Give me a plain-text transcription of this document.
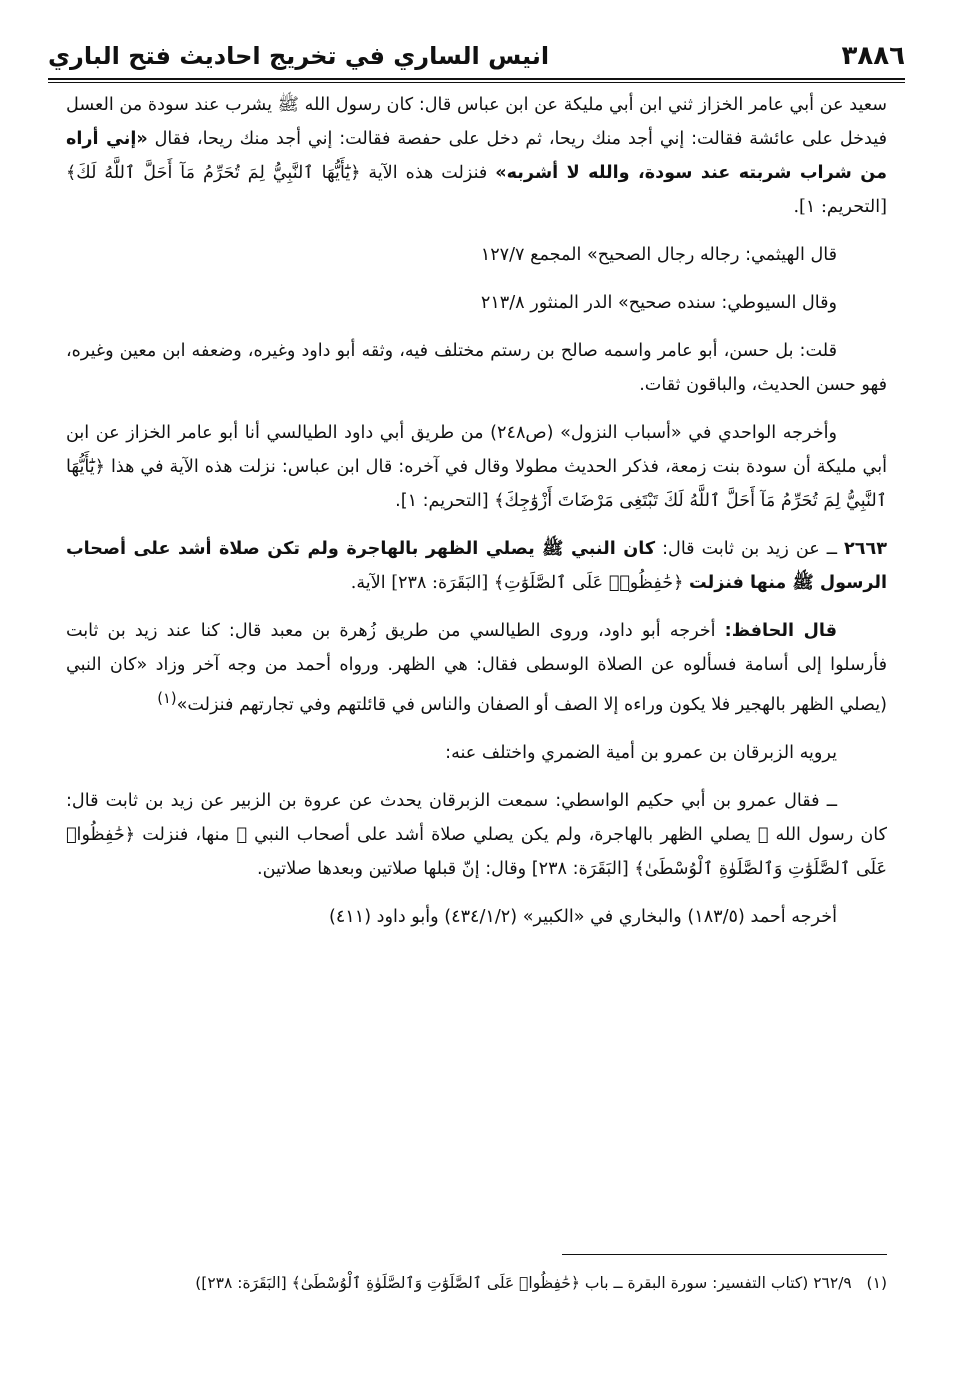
٣٨٨٦
انيس الساري في تخريج احاديث فتح الباري

سعيد عن أبي عامر الخزاز ثني ابن أبي مليكة عن ابن عباس قال: كان رسول الله ﷺ يشرب عند سودة من العسل فيدخل على عائشة فقالت: إني أجد منك ريحا، ثم دخل على حفصة فقالت: إني أجد منك ريحا، فقال «إني أراه من شراب شربته عند سودة، والله لا أشربه» فنزلت هذه الآية ﴿يَٰٓأَيُّهَا ٱلنَّبِيُّ لِمَ تُحَرِّمُ مَآ أَحَلَّ ٱللَّهُ لَكَ﴾ [التحريم: ١].

قال الهيثمي: رجاله رجال الصحيح» المجمع ١٢٧/٧

وقال السيوطي: سنده صحيح» الدر المنثور ٢١٣/٨

قلت: بل حسن، أبو عامر واسمه صالح بن رستم مختلف فيه، وثقه أبو داود وغيره، وضعفه ابن معين وغيره، فهو حسن الحديث، والباقون ثقات.

وأخرجه الواحدي في «أسباب النزول» (ص٢٤٨) من طريق أبي داود الطيالسي أنا أبو عامر الخزاز عن ابن أبي مليكة أن سودة بنت زمعة، فذكر الحديث مطولا وقال في آخره: قال ابن عباس: نزلت هذه الآية في هذا ﴿يَٰٓأَيُّهَا ٱلنَّبِيُّ لِمَ تُحَرِّمُ مَآ أَحَلَّ ٱللَّهُ لَكَ تَبْتَغِى مَرْضَاتَ أَزْوَٰجِكَ﴾ [التحريم: ١].

٢٦٦٣ ــ عن زيد بن ثابت قال: كان النبي ﷺ يصلي الظهر بالهاجرة ولم تكن صلاة أشد على أصحاب الرسول ﷺ منها فنزلت ﴿حَٰفِظُوا۟ عَلَى ٱلصَّلَوَٰتِ﴾ [البَقَرَة: ٢٣٨] الآية.

قال الحافظ: أخرجه أبو داود، وروى الطيالسي من طريق زُهرة بن معبد قال: كنا عند زيد بن ثابت فأرسلوا إلى أسامة فسألوه عن الصلاة الوسطى فقال: هي الظهر. ورواه أحمد من وجه آخر وزاد «كان النبي (يصلي الظهر بالهجير فلا يكون وراءه إلا الصف أو الصفان والناس في قائلتهم وفي تجارتهم فنزلت»$^{(١)}$

يرويه الزبرقان بن عمرو بن أمية الضمري واختلف عنه:

ــ فقال عمرو بن أبي حكيم الواسطي: سمعت الزبرقان يحدث عن عروة بن الزبير عن زيد بن ثابت قال: كان رسول الله ﷺ يصلي الظهر بالهاجرة، ولم يكن يصلي صلاة أشد على أصحاب النبي ﷺ منها، فنزلت ﴿حَٰفِظُوا۟ عَلَى ٱلصَّلَوَٰتِ وَٱلصَّلَوٰةِ ٱلْوُسْطَىٰ﴾ [البَقَرَة: ٢٣٨] وقال: إنّ قبلها صلاتين وبعدها صلاتين.

أخرجه أحمد (١٨٣/٥) والبخاري في «الكبير» (٤٣٤/١/٢) وأبو داود (٤١١)

(١)   ٢٦٢/٩ (كتاب التفسير: سورة البقرة ــ باب ﴿حَٰفِظُوا۟ عَلَى ٱلصَّلَوَٰتِ وَٱلصَّلَوٰةِ ٱلْوُسْطَىٰ﴾ [البَقَرَة: ٢٣٨])
